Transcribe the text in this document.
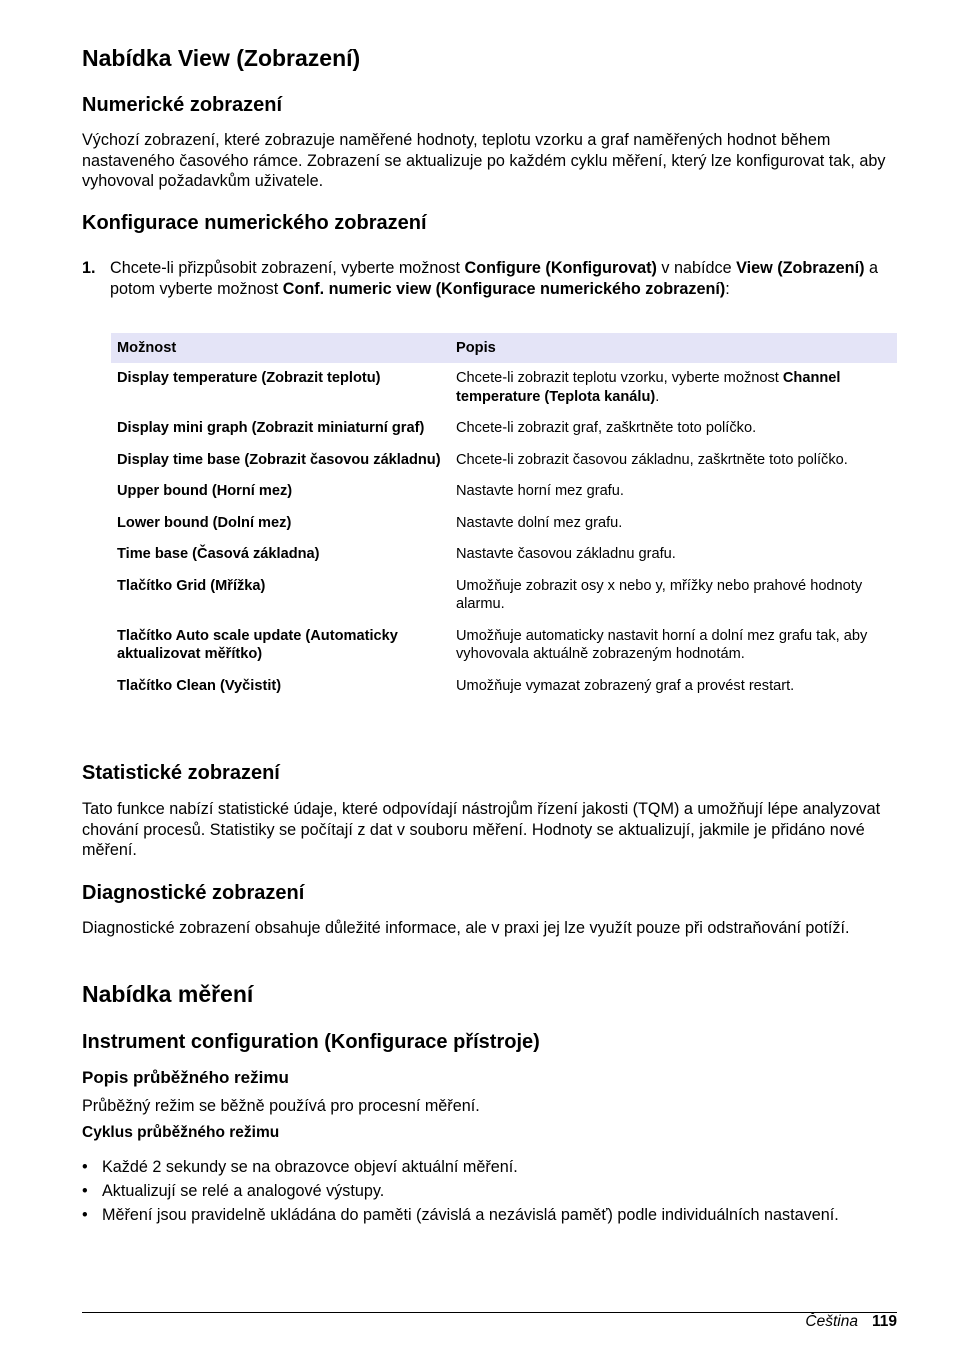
Nabídka View (Zobrazení)
Numerické zobrazení

Výchozí zobrazení, které zobrazuje naměřené hodnoty, teplotu vzorku a graf naměřených hodnot během nastaveného časového rámce. Zobrazení se aktualizuje po každém cyklu měření, který lze konfigurovat tak, aby vyhovoval požadavkům uživatele.

Konfigurace numerického zobrazení
1. Chcete-li přizpůsobit zobrazení, vyberte možnost Configure (Konfigurovat) v nabídce View (Zobrazení) a potom vyberte možnost Conf. numeric view (Konfigurace numerického zobrazení):
Možnost	Popis
Display temperature (Zobrazit teplotu)	Chcete-li zobrazit teplotu vzorku, vyberte možnost Channel temperature (Teplota kanálu).
Display mini graph (Zobrazit miniaturní graf)	Chcete-li zobrazit graf, zaškrtněte toto políčko.
Display time base (Zobrazit časovou základnu)	Chcete-li zobrazit časovou základnu, zaškrtněte toto políčko.
Upper bound (Horní mez)	Nastavte horní mez grafu.
Lower bound (Dolní mez)	Nastavte dolní mez grafu.
Time base (Časová základna)	Nastavte časovou základnu grafu.
Tlačítko Grid (Mřížka)	Umožňuje zobrazit osy x nebo y, mřížky nebo prahové hodnoty alarmu.
Tlačítko Auto scale update (Automaticky aktualizovat měřítko)	Umožňuje automaticky nastavit horní a dolní mez grafu tak, aby vyhovovala aktuálně zobrazeným hodnotám.
Tlačítko Clean (Vyčistit)	Umožňuje vymazat zobrazený graf a provést restart.
Statistické zobrazení

Tato funkce nabízí statistické údaje, které odpovídají nástrojům řízení jakosti (TQM) a umožňují lépe analyzovat chování procesů. Statistiky se počítají z dat v souboru měření. Hodnoty se aktualizují, jakmile je přidáno nové měření.

Diagnostické zobrazení

Diagnostické zobrazení obsahuje důležité informace, ale v praxi jej lze využít pouze při odstraňování potíží.

Nabídka měření
Instrument configuration (Konfigurace přístroje)
Popis průběžného režimu

Průběžný režim se běžně používá pro procesní měření.

Cyklus průběžného režimu
• Každé 2 sekundy se na obrazovce objeví aktuální měření.
• Aktualizují se relé a analogové výstupy.
• Měření jsou pravidelně ukládána do paměti (závislá a nezávislá paměť) podle individuálních nastavení.
Čeština 119
